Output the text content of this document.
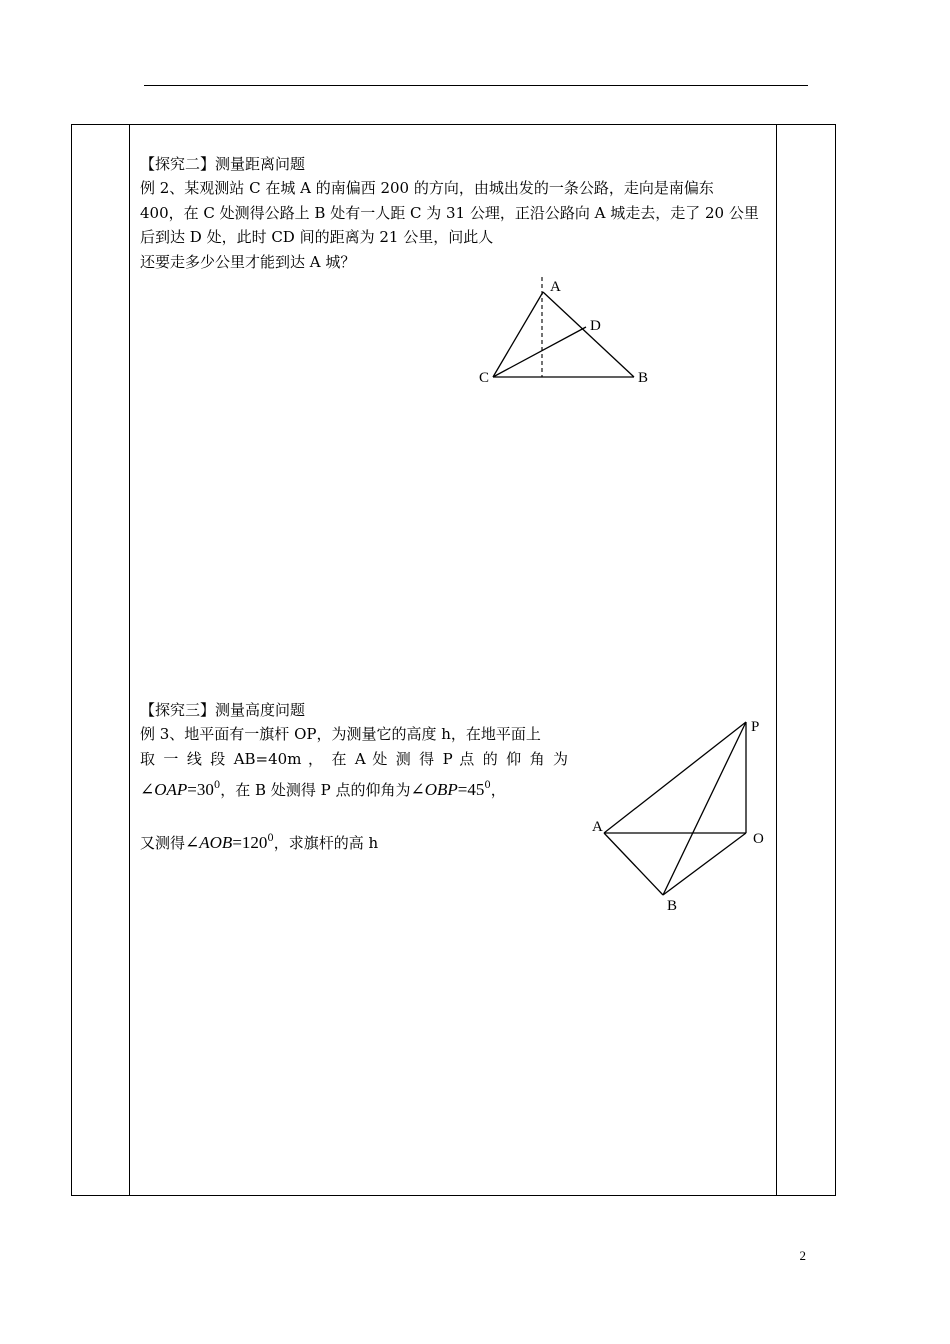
【探究二】测量距离问题
例 2、某观测站 C 在城 A 的南偏西 200 的方向，由城出发的一条公路，走向是南偏东
400，在 C 处测得公路上 B 处有一人距 C 为 31 公理，正沿公路向 A 城走去，走了 20 公里
后到达 D 处，此时 CD 间的距离为 21 公里，问此人
还要走多少公里才能到达 A 城？
A
D
C	B
【探究三】测量高度问题
例 3、地平面有一旗杆 OP，为测量它的高度 h，在地平面上
取 一 线 段 AB=40m ， 在 A 处 测 得 P 点 的 仰 角 为
$\angle OAP=30^0$，在 B 处测得 P 点的仰角为$\angle OBP=45^0$，
又测得$\angle AOB=120^0$，求旗杆的高 h
P
A
O
B
2
